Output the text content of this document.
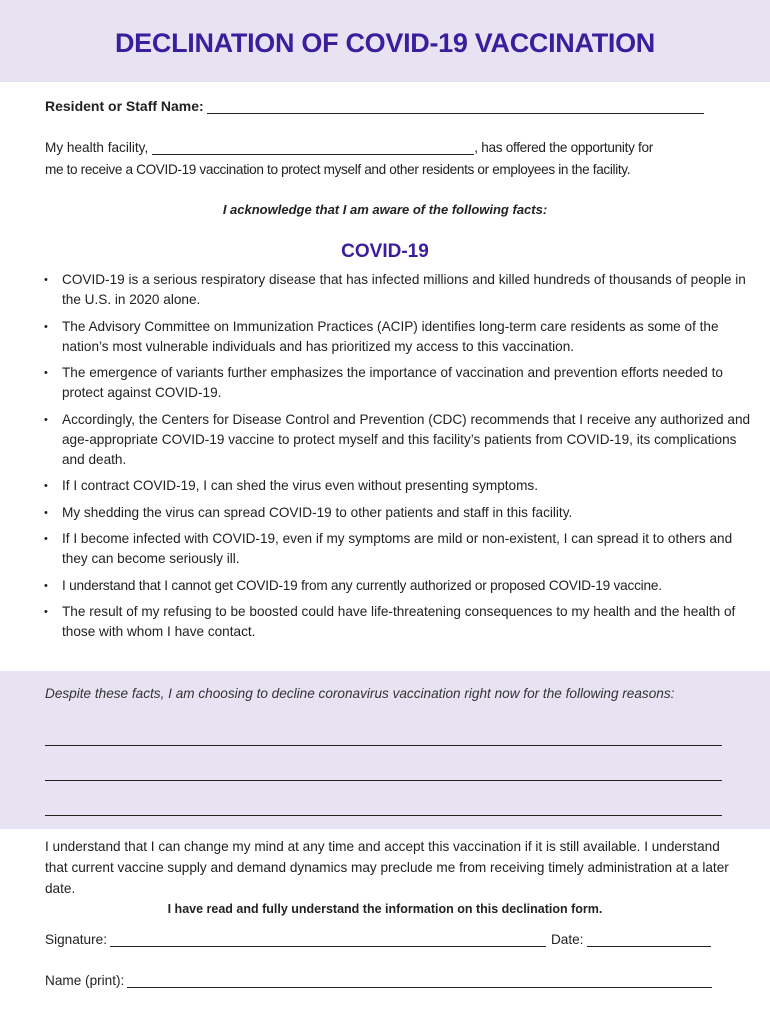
DECLINATION OF COVID-19 VACCINATION
Resident or Staff Name:
My health facility,	, has offered the opportunity for
me to receive a COVID-19 vaccination to protect myself and other residents or employees in the facility.
I acknowledge that I am aware of the following facts:
COVID-19
• COVID-19 is a serious respiratory disease that has infected millions and killed hundreds of thousands of people in the U.S. in 2020 alone.
• The Advisory Committee on Immunization Practices (ACIP) identifies long-term care residents as some of the nation’s most vulnerable individuals and has prioritized my access to this vaccination.
• The emergence of variants further emphasizes the importance of vaccination and prevention efforts needed to protect against COVID-19.
• Accordingly, the Centers for Disease Control and Prevention (CDC) recommends that I receive any authorized and age-appropriate COVID-19 vaccine to protect myself and this facility’s patients from COVID-19, its complications and death.
• If I contract COVID-19, I can shed the virus even without presenting symptoms.
• My shedding the virus can spread COVID-19 to other patients and staff in this facility.
• If I become infected with COVID-19, even if my symptoms are mild or non-existent, I can spread it to others and they can become seriously ill.
• I understand that I cannot get COVID-19 from any currently authorized or proposed COVID-19 vaccine.
• The result of my refusing to be boosted could have life-threatening consequences to my health and the health of those with whom I have contact.
Despite these facts, I am choosing to decline coronavirus vaccination right now for the following reasons:
I understand that I can change my mind at any time and accept this vaccination if it is still available. I understand that current vaccine supply and demand dynamics may preclude me from receiving timely administration at a later date.
I have read and fully understand the information on this declination form.
Signature:	Date:
Name (print):
